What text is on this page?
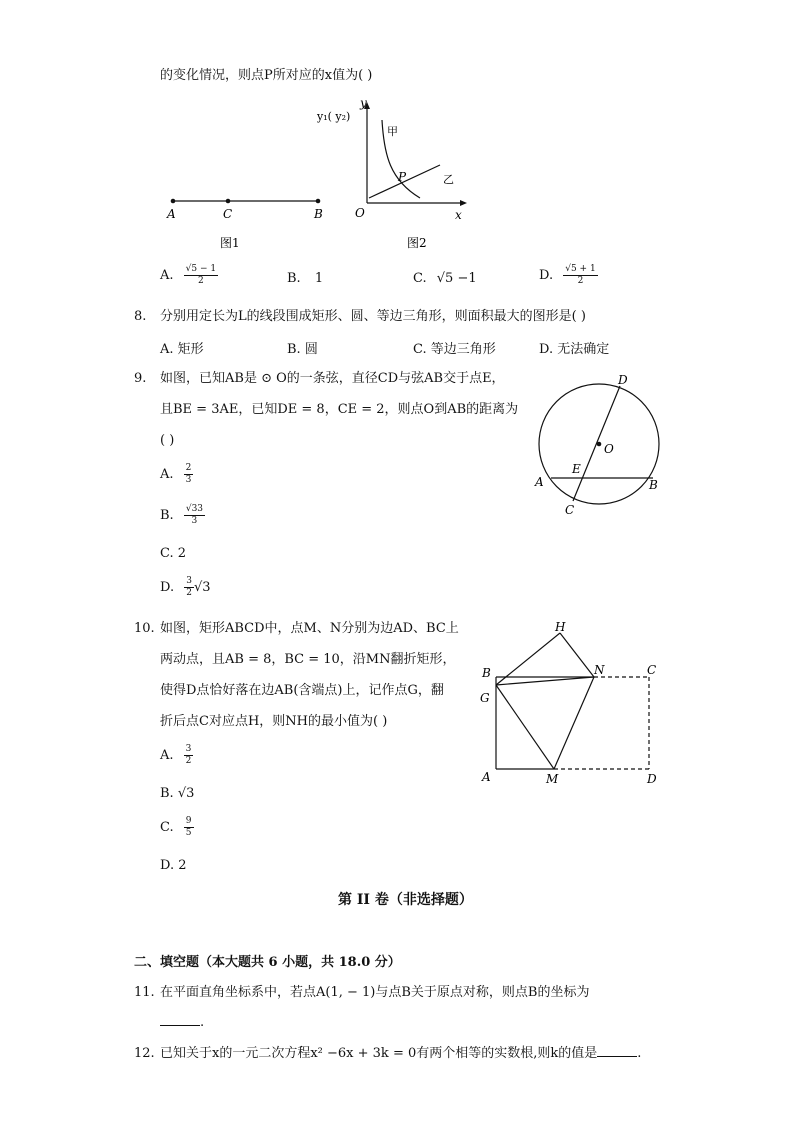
的变化情况，则点P所对应的x值为( )
A	C	B
图1
y
y₁( y₂)
x
O
P
甲
乙
图2
A. $\frac{√5 - 1}{2}$	B. 1	C. √5 −1	D. $\frac{√5 + 1}{2}$
8. 分别用定长为L的线段围成矩形、圆、等边三角形，则面积最大的图形是( )
A. 矩形	B. 圆	C. 等边三角形	D. 无法确定
9. 如图，已知AB是 ⊙ O的一条弦，直径CD与弦AB交于点E，
且BE = 3AE，已知DE = 8，CE = 2，则点O到AB的距离为
( )
A. $\frac{2}{3}$
B. $\frac{√33}{3}$
C. 2
D. $\frac{3}{2} √3$
D
O
E
A	B
C
10. 如图，矩形ABCD中，点M、N分别为边AD、BC上
两动点，且AB = 8，BC = 10，沿MN翻折矩形，
使得D点恰好落在边AB(含端点)上，记作点G，翻
折后点C对应点H，则NH的最小值为( )
A. $\frac{3}{2}$
B. √3
C. $\frac{9}{5}$
D. 2
H
B	N	C
G
A	M	D
第 II 卷（非选择题）
二、填空题（本大题共 6 小题，共 18.0 分）
11. 在平面直角坐标系中，若点A(1, − 1)与点B关于原点对称，则点B的坐标为
.
12. 已知关于x的一元二次方程x² −6x + 3k = 0有两个相等的实数根,则k的值是	.
